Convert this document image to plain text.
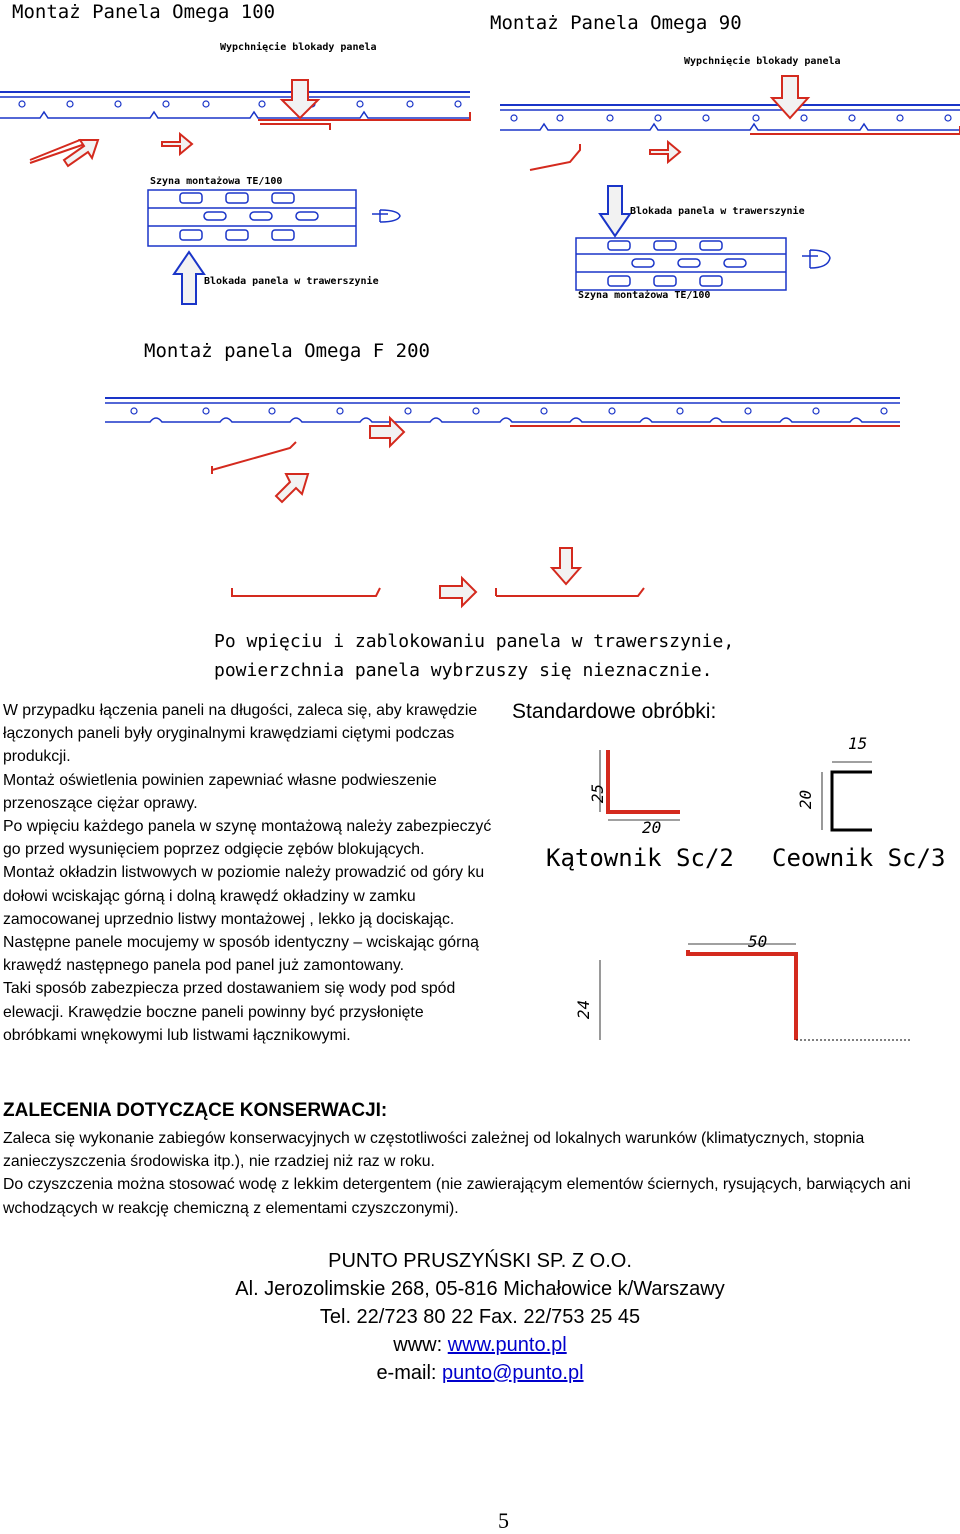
Montaż Panela Omega 100
Wypchnięcie blokady panela
Szyna montażowa TE/100
Blokada panela w trawerszynie
Montaż Panela Omega 90
Wypchnięcie blokady panela
Blokada panela w trawerszynie
Szyna montażowa TE/100
Montaż panela Omega F 200
Po wpięciu i zablokowaniu panela w trawerszynie,
powierzchnia panela wybrzuszy się nieznacznie.

W przypadku łączenia paneli na długości, zaleca się, aby krawędzie łączonych paneli były oryginalnymi krawędziami ciętymi podczas produkcji.

Montaż oświetlenia powinien zapewniać własne podwieszenie przenoszące ciężar oprawy.

Po wpięciu każdego panela w szynę montażową należy zabezpieczyć go przed wysunięciem poprzez odgięcie zębów blokujących.

Montaż okładzin listwowych w poziomie należy prowadzić od góry ku dołowi wciskając górną i dolną krawędź okładziny w zamku zamocowanej uprzednio listwy montażowej , lekko ją dociskając.

Następne panele mocujemy w sposób identyczny – wciskając górną krawędź następnego panela pod panel już zamontowany.

Taki sposób zabezpiecza przed dostawaniem się wody pod spód elewacji. Krawędzie boczne paneli powinny być przysłonięte obróbkami wnękowymi lub listwami łącznikowymi.

Standardowe obróbki:
25
20
Kątownik Sc/2
15
20
Ceownik Sc/3
50
24
ZALECENIA DOTYCZĄCE KONSERWACJI:

Zaleca się wykonanie zabiegów konserwacyjnych w częstotliwości zależnej od lokalnych warunków (klimatycznych, stopnia zanieczyszczenia środowiska itp.), nie rzadziej niż raz w roku.

Do czyszczenia można stosować wodę z lekkim detergentem (nie zawierającym elementów ściernych, rysujących, barwiących ani wchodzących w reakcję chemiczną z elementami czyszczonymi).

PUNTO PRUSZYŃSKI SP. Z O.O.
Al. Jerozolimskie 268, 05-816 Michałowice k/Warszawy
Tel. 22/723 80 22 Fax. 22/753 25 45
www: www.punto.pl
e-mail: punto@punto.pl
5
